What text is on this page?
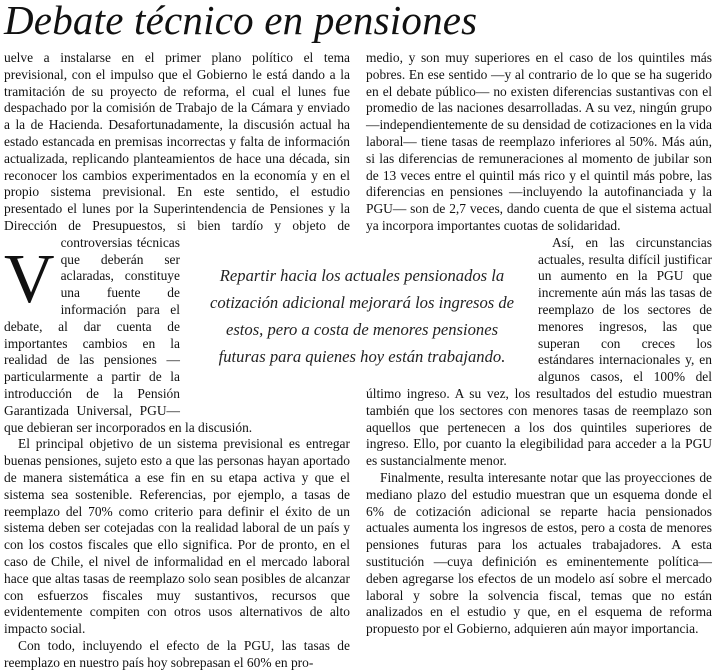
Debate técnico en pensiones

V
uelve a instalarse en el primer plano político el tema previsional, con el impulso que el Gobierno le está dando a la tramitación de su proyecto de reforma, el cual el lunes fue despachado por la comisión de Trabajo de la Cámara y enviado a la de Hacienda. Desafortunadamente, la discusión actual ha estado estancada en premisas incorrectas y falta de información actualizada, replicando planteamientos de hace una década, sin reconocer los cambios experimentados en la economía y en el propio sistema previsional. En este sentido, el estudio presentado el lunes por la Superintendencia de Pensiones y la Dirección de Presupuestos, si bien tardío y objeto de controversias técnicas que deberán ser aclaradas, constituye una fuente de información para el debate, al dar cuenta de importantes cambios en la realidad de las pensiones —particularmente a partir de la introducción de la Pensión Garantizada Universal, PGU— que debieran ser incorporados en la discusión.

El principal objetivo de un sistema previsional es entregar buenas pensiones, sujeto esto a que las personas hayan aportado de manera sistemática a ese fin en su etapa activa y que el sistema sea sostenible. Referencias, por ejemplo, a tasas de reemplazo del 70% como criterio para definir el éxito de un sistema deben ser cotejadas con la realidad laboral de un país y con los costos fiscales que ello significa. Por de pronto, en el caso de Chile, el nivel de informalidad en el mercado laboral hace que altas tasas de reemplazo solo sean posibles de alcanzar con esfuerzos fiscales muy sustantivos, recursos que evidentemente compiten con otros usos alternativos de alto impacto social.

Con todo, incluyendo el efecto de la PGU, las tasas de reemplazo en nuestro país hoy sobrepasan el 60% en pro-

medio, y son muy superiores en el caso de los quintiles más pobres. En ese sentido —y al contrario de lo que se ha sugerido en el debate público— no existen diferencias sustantivas con el promedio de las naciones desarrolladas. A su vez, ningún grupo —independientemente de su densidad de cotizaciones en la vida laboral— tiene tasas de reemplazo inferiores al 50%. Más aún, si las diferencias de remuneraciones al momento de jubilar son de 13 veces entre el quintil más rico y el quintil más pobre, las diferencias en pensiones —incluyendo la autofinanciada y la PGU— son de 2,7 veces, dando cuenta de que el sistema actual ya incorpora importantes cuotas de solidaridad.

Así, en las circunstancias actuales, resulta difícil justificar un aumento en la PGU que incremente aún más las tasas de reemplazo de los sectores de menores ingresos, las que superan con creces los estándares internacionales y, en algunos casos, el 100% del último ingreso. A su vez, los resultados del estudio muestran también que los sectores con menores tasas de reemplazo son aquellos que pertenecen a los dos quintiles superiores de ingreso. Ello, por cuanto la elegibilidad para acceder a la PGU es sustancialmente menor.

Finalmente, resulta interesante notar que las proyecciones de mediano plazo del estudio muestran que un esquema donde el 6% de cotización adicional se reparte hacia pensionados actuales aumenta los ingresos de estos, pero a costa de menores pensiones futuras para los actuales trabajadores. A esta sustitución —cuya definición es eminentemente política— deben agregarse los efectos de un modelo así sobre el mercado laboral y sobre la solvencia fiscal, temas que no están analizados en el estudio y que, en el esquema de reforma propuesto por el Gobierno, adquieren aún mayor importancia.

Repartir hacia los actuales pensionados la cotización adicional mejorará los ingresos de estos, pero a costa de menores pensiones futuras para quienes hoy están trabajando.
